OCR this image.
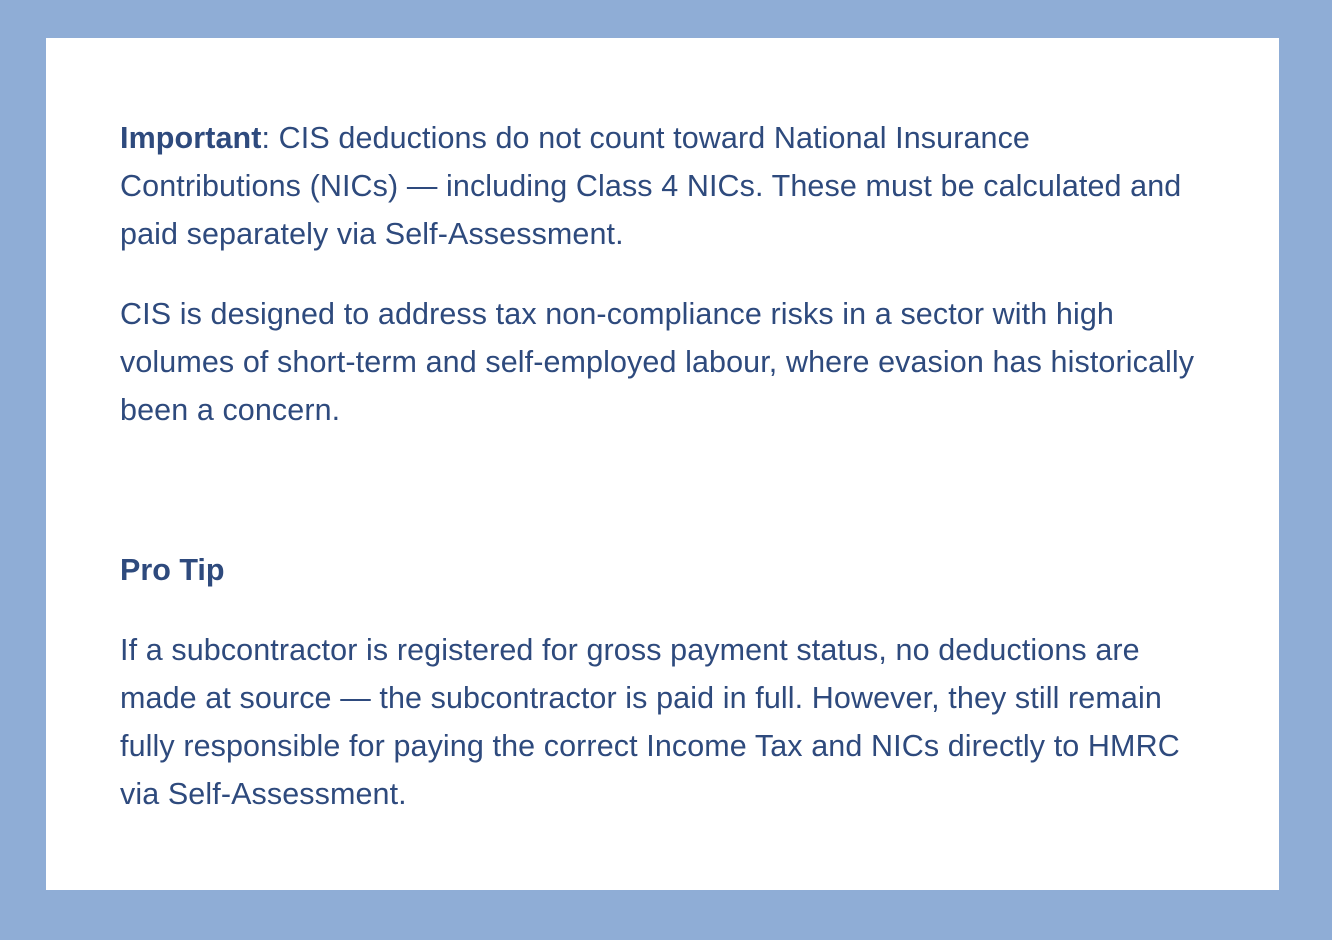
Important: CIS deductions do not count toward National Insurance Contributions (NICs) — including Class 4 NICs. These must be calculated and paid separately via Self-Assessment.

CIS is designed to address tax non-compliance risks in a sector with high volumes of short-term and self-employed labour, where evasion has historically been a concern.

Pro Tip

If a subcontractor is registered for gross payment status, no deductions are made at source — the subcontractor is paid in full. However, they still remain fully responsible for paying the correct Income Tax and NICs directly to HMRC via Self-Assessment.
